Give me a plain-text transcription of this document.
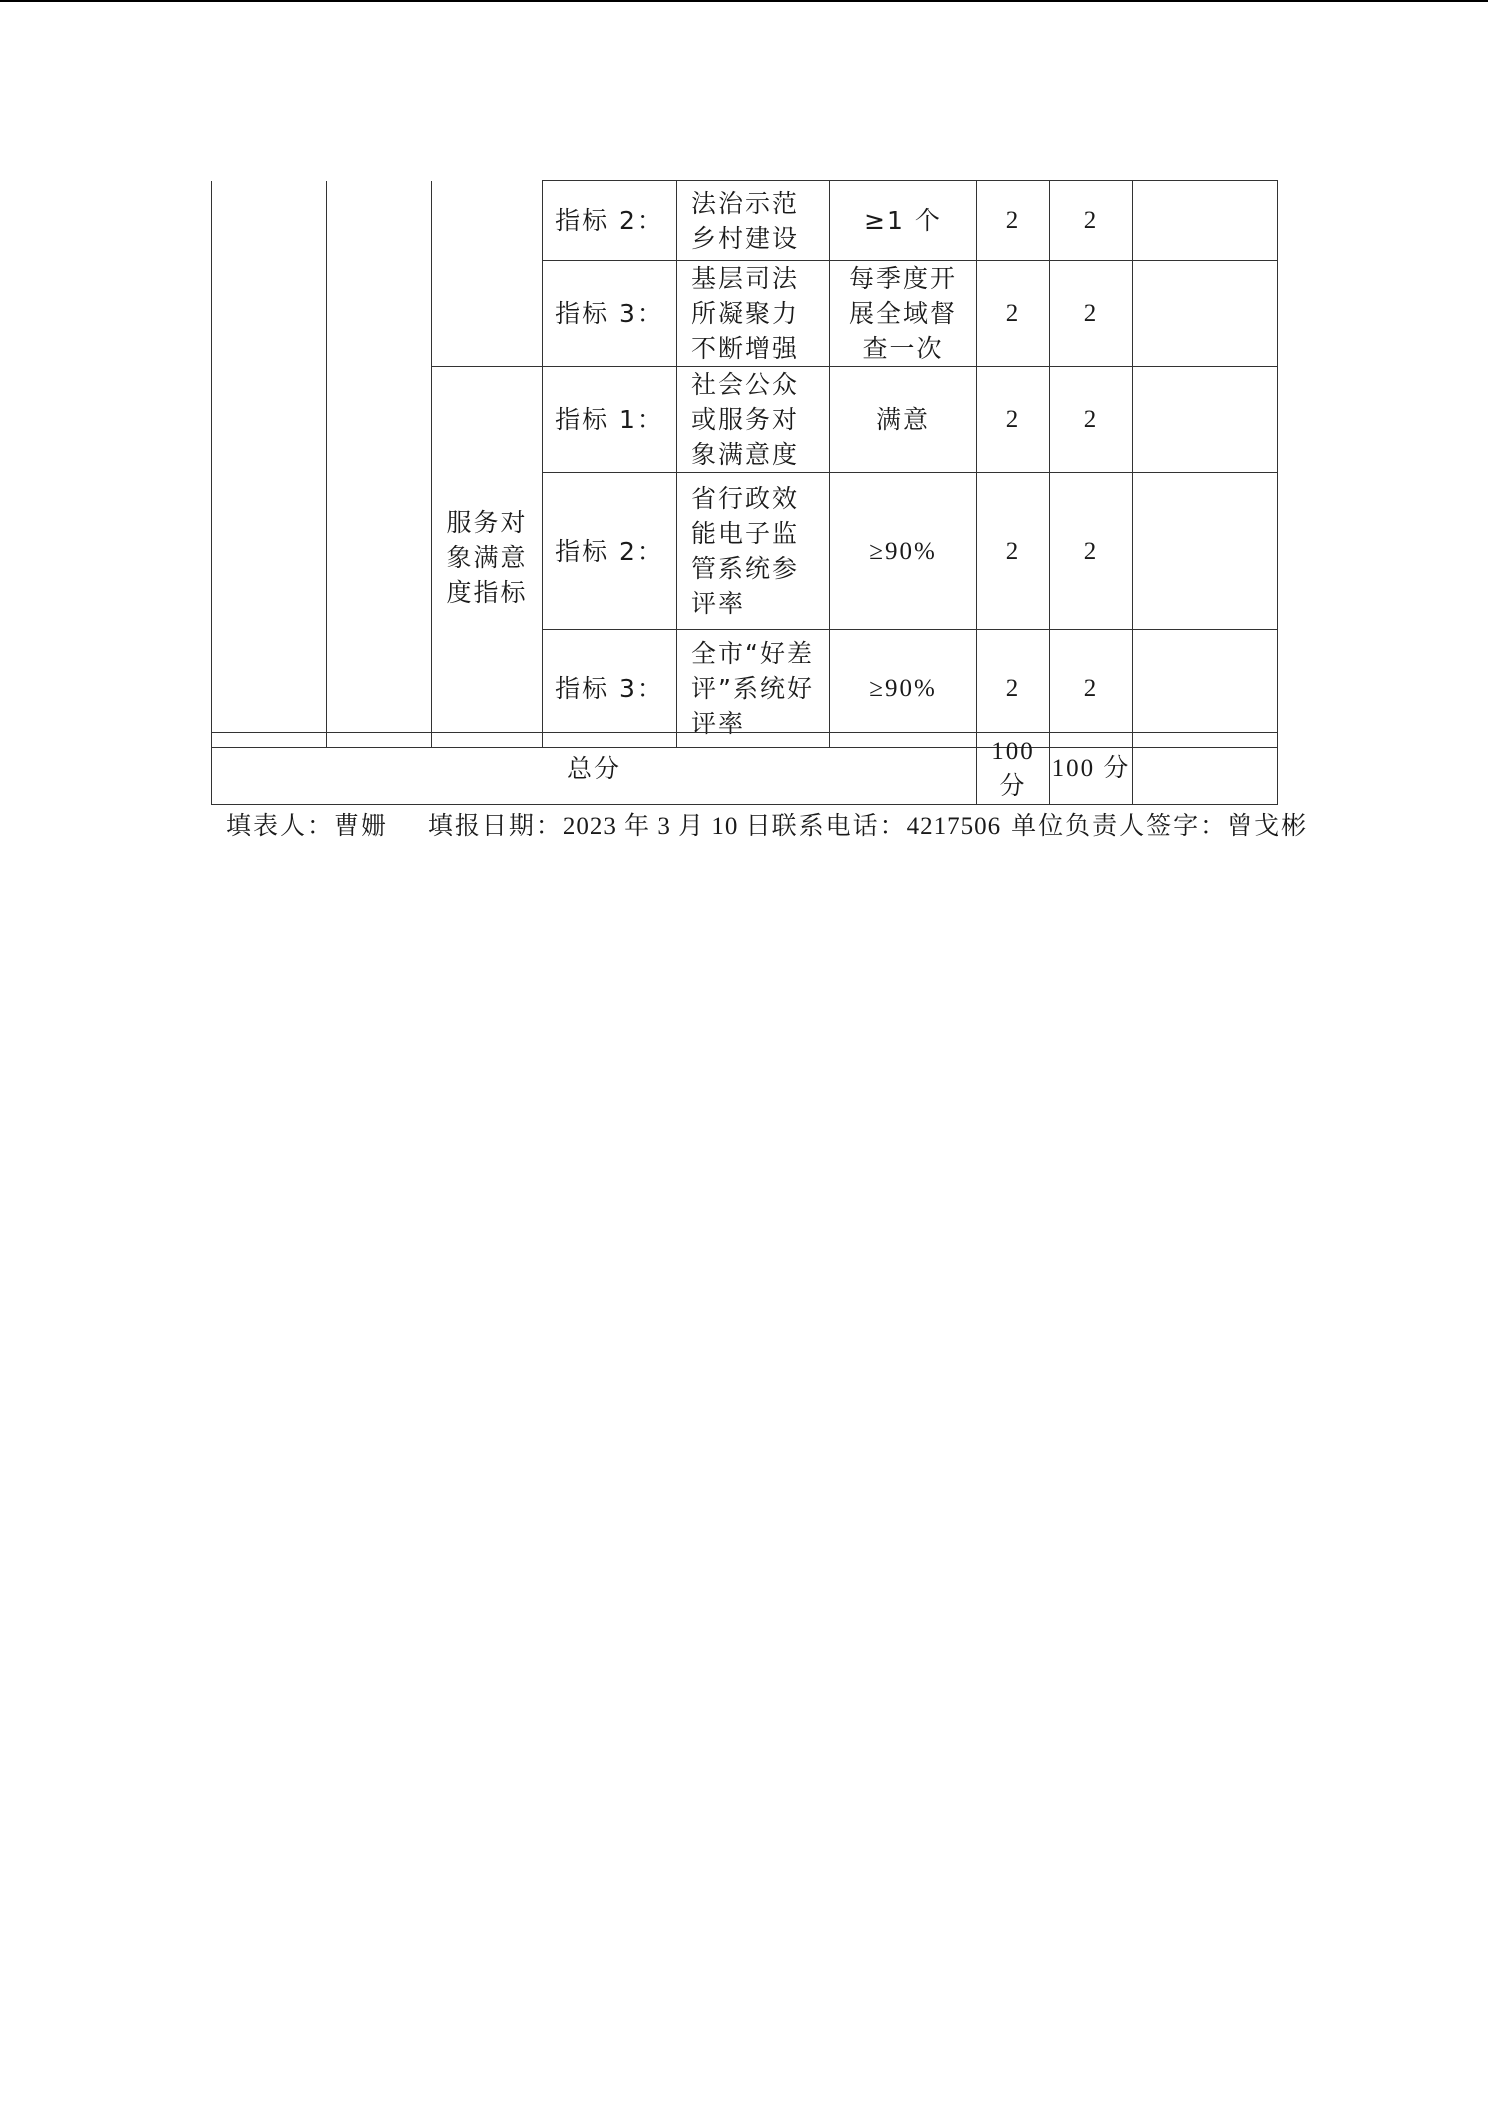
			指标 2：	法治示范乡村建设	≥1 个	2	2	
			指标 3：	基层司法所凝聚力不断增强	每季度开展全域督查一次	2	2	
		服务对象满意度指标	指标 1：	社会公众或服务对象满意度	满意	2	2	
			指标 2：	省行政效能电子监管系统参评率	≥90%	2	2	
			指标 3：	全市“好差评”系统好评率	≥90%	2	2	
总分	100 分	100 分	
填表人：曹姗 填报日期：2023 年 3 月 10 日联系电话：4217506 单位负责人签字：曾戈彬
